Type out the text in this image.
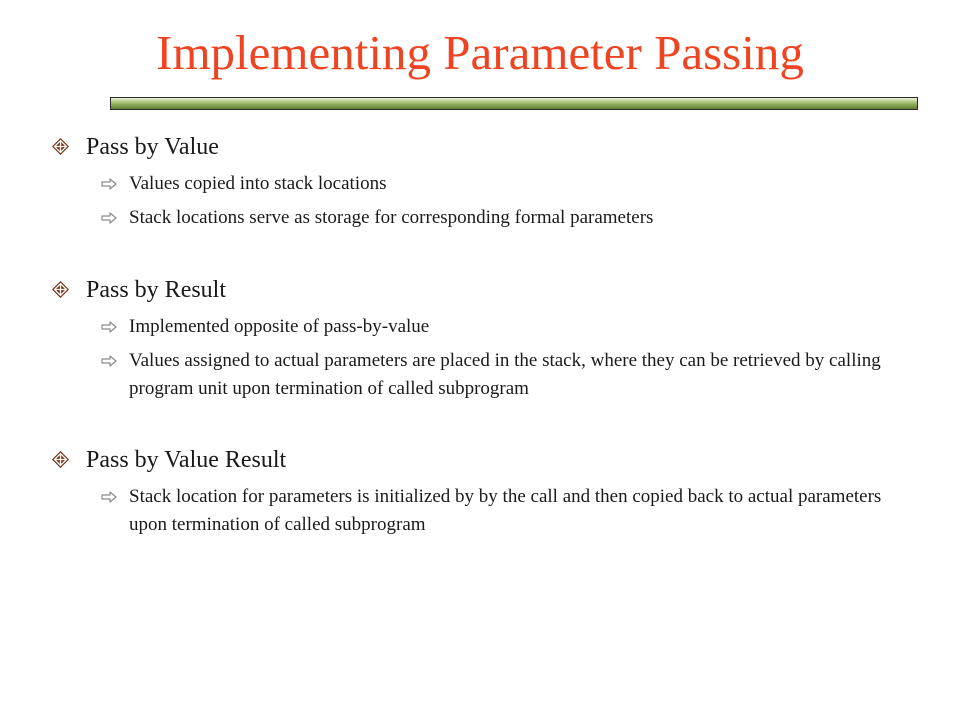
Implementing Parameter Passing
Pass by Value
Values copied into stack locations
Stack locations serve as storage for corresponding formal parameters
Pass by Result
Implemented opposite of pass-by-value
Values assigned to actual parameters are placed in the stack, where they can be retrieved by calling program unit upon termination of called subprogram
Pass by Value Result
Stack location for parameters is initialized by by the call and then copied back to actual parameters upon termination of called subprogram
